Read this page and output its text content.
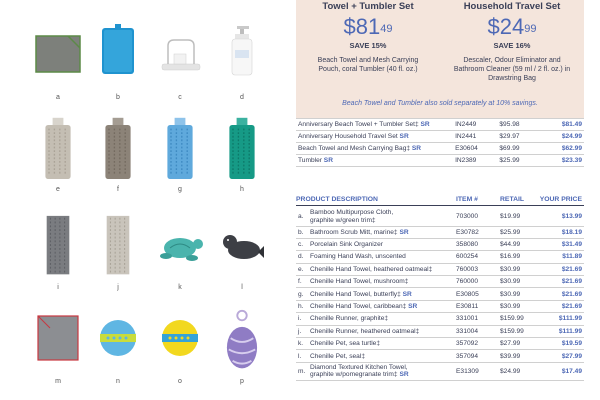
a	b	c	d
e	f	g	h
i	j	k	l
m	n	o	p
Towel + Tumbler Set
$\$81^{49}$
SAVE 15%
Beach Towel and Mesh Carrying Pouch, coral Tumbler (40 fl. oz.)
Household Travel Set
$\$24^{99}$
SAVE 16%
Descaler, Odour Eliminator and Bathroom Cleaner (59 ml / 2 fl. oz.) in Drawstring Bag
Beach Towel and Tumbler also sold separately at 10% savings.
Anniversary Beach Towel + Tumbler Set‡ SR	IN2449	$95.98	$81.49
Anniversary Household Travel Set SR	IN2441	$29.97	$24.99
Beach Towel and Mesh Carrying Bag‡ SR	E30604	$69.99	$62.99
Tumbler SR	IN2389	$25.99	$23.39
PRODUCT DESCRIPTION	ITEM #	RETAIL YOUR PRICE
a.	Bamboo Multipurpose Cloth,
graphite w/green trim‡	703000	$19.99	$13.99
b.	Bathroom Scrub Mitt, marine‡ SR	E30782	$25.99	$18.19
c.	Porcelain Sink Organizer	358080	$44.99	$31.49
d.	Foaming Hand Wash, unscented	600254	$16.99	$11.89
e.	Chenille Hand Towel, heathered oatmeal‡	760003	$30.99	$21.69
f.	Chenille Hand Towel, mushroom‡	760000	$30.99	$21.69
g.	Chenille Hand Towel, butterfly‡ SR	E30805	$30.99	$21.69
h.	Chenille Hand Towel, caribbean‡ SR	E30811	$30.99	$21.69
i.	Chenille Runner, graphite‡	331001	$159.99	$111.99
j.	Chenille Runner, heathered oatmeal‡	331004	$159.99	$111.99
k.	Chenille Pet, sea turtle‡	357092	$27.99	$19.59
l.	Chenille Pet, seal‡	357094	$39.99	$27.99
m.	Diamond Textured Kitchen Towel,
graphite w/pomegranate trim‡ SR	E31309	$24.99	$17.49
